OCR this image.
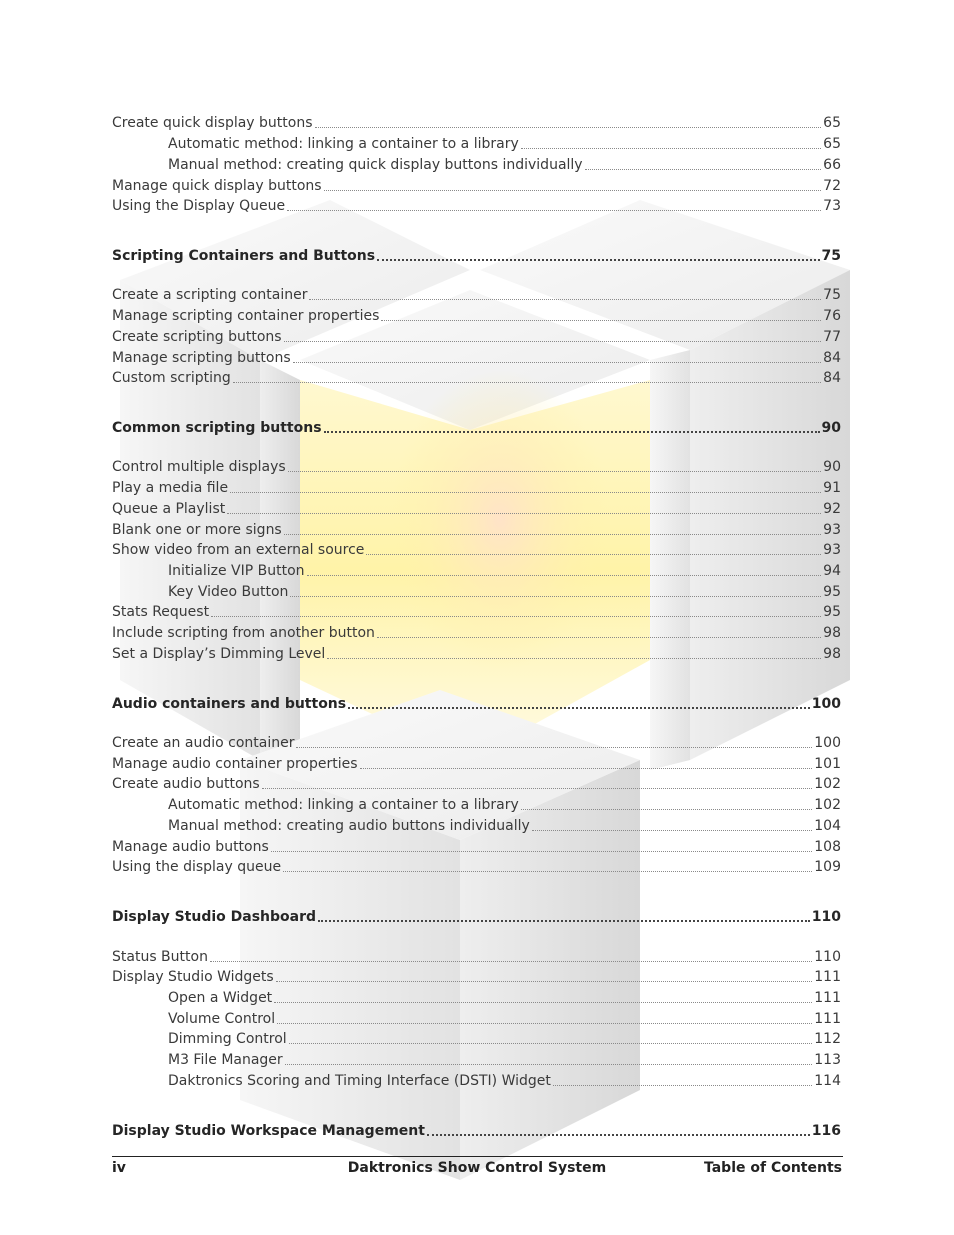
Create quick display buttons	65
Automatic method: linking a container to a library	65
Manual method: creating quick display buttons individually	66
Manage quick display buttons	72
Using the Display Queue	73
Scripting Containers and Buttons	75
Create a scripting container	75
Manage scripting container properties	76
Create scripting buttons	77
Manage scripting buttons	84
Custom scripting	84
Common scripting buttons	90
Control multiple displays	90
Play a media file	91
Queue a Playlist	92
Blank one or more signs	93
Show video from an external source	93
Initialize VIP Button	94
Key Video Button	95
Stats Request	95
Include scripting from another button	98
Set a Display’s Dimming Level	98
Audio containers and buttons	100
Create an audio container	100
Manage audio container properties	101
Create audio buttons	102
Automatic method: linking a container to a library	102
Manual method: creating audio buttons individually	104
Manage audio buttons	108
Using the display queue	109
Display Studio Dashboard	110
Status Button	110
Display Studio Widgets	111
Open a Widget	111
Volume Control	111
Dimming Control	112
M3 File Manager	113
Daktronics Scoring and Timing Interface (DSTI) Widget	114
Display Studio Workspace Management	116
iv	Daktronics Show Control System	Table of Contents
